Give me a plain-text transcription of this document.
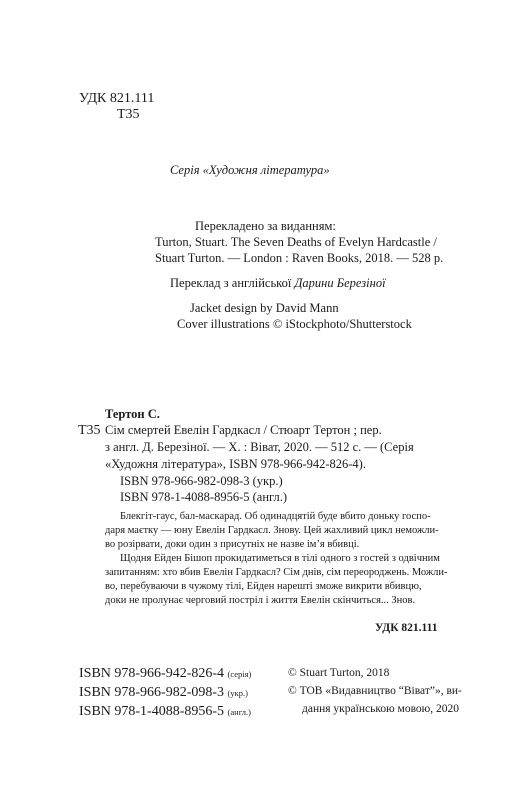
УДК 821.111
Т35
Серія «Художня література»
Перекладено за виданням:
Turton, Stuart. The Seven Deaths of Evelyn Hardcastle /
Stuart Turton. — London : Raven Books, 2018. — 528 p.
Переклад з англійської Дарини Березіної
Jacket design by David Mann
Cover illustrations © iStockphoto/Shutterstock
Тертон С.
Т35 Сім смертей Евелін Гардкасл / Стюарт Тертон ; пер.
з англ. Д. Березіної. — Х. : Віват, 2020. — 512 с. — (Серія
«Художня література», ISBN 978-966-942-826-4).
ISBN 978-966-982-098-3 (укр.)
ISBN 978-1-4088-8956-5 (англ.)
Блекгіт-гаус, бал-маскарад. Об одинадцятій буде вбито доньку госпо-
даря маєтку — юну Евелін Гардкасл. Знову. Цей жахливий цикл неможли-
во розірвати, доки один з присутніх не назве ім’я вбивці.
Щодня Ейден Бішоп прокидатиметься в тілі одного з гостей з одвічним
запитанням: хто вбив Евелін Гардкасл? Сім днів, сім переороджень. Можли-
во, перебуваючи в чужому тілі, Ейден нарешті зможе викрити вбивцю,
доки не пролунає черговий постріл і життя Евелін скінчиться... Знов.
УДК 821.111
ISBN 978-966-942-826-4 (серія)
ISBN 978-966-982-098-3 (укр.)
ISBN 978-1-4088-8956-5 (англ.)
© Stuart Turton, 2018
© ТОВ «Видавництво “Віват”», ви-
дання українською мовою, 2020
